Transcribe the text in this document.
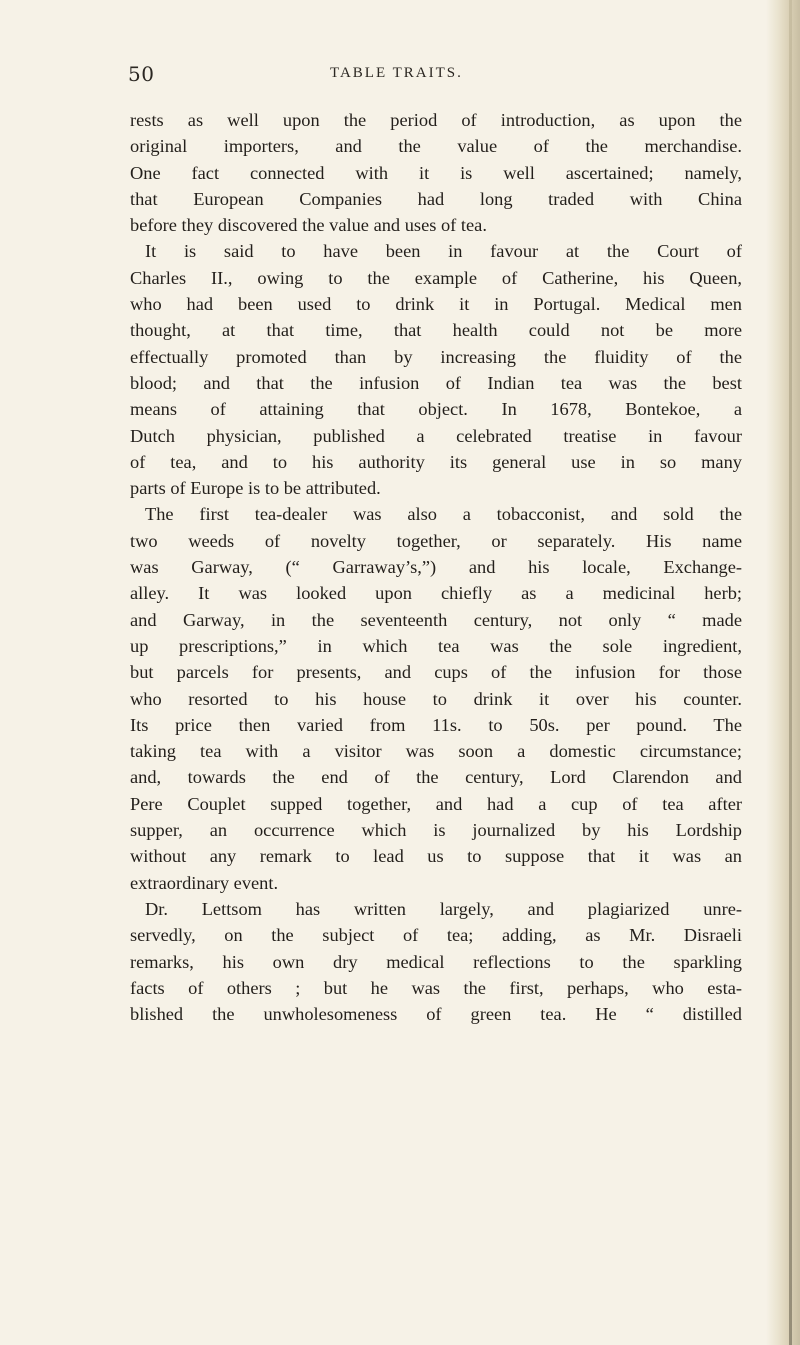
50	TABLE TRAITS.
rests as well upon the period of introduction, as upon the
original importers, and the value of the merchandise.
One fact connected with it is well ascertained; namely,
that European Companies had long traded with China
before they discovered the value and uses of tea.
It is said to have been in favour at the Court of
Charles II., owing to the example of Catherine, his Queen,
who had been used to drink it in Portugal. Medical men
thought, at that time, that health could not be more
effectually promoted than by increasing the fluidity of the
blood; and that the infusion of Indian tea was the best
means of attaining that object. In 1678, Bontekoe, a
Dutch physician, published a celebrated treatise in favour
of tea, and to his authority its general use in so many
parts of Europe is to be attributed.
The first tea-dealer was also a tobacconist, and sold the
two weeds of novelty together, or separately. His name
was Garway, (“ Garraway’s,”) and his locale, Exchange-
alley. It was looked upon chiefly as a medicinal herb;
and Garway, in the seventeenth century, not only “ made
up prescriptions,” in which tea was the sole ingredient,
but parcels for presents, and cups of the infusion for those
who resorted to his house to drink it over his counter.
Its price then varied from 11s. to 50s. per pound. The
taking tea with a visitor was soon a domestic circumstance;
and, towards the end of the century, Lord Clarendon and
Pere Couplet supped together, and had a cup of tea after
supper, an occurrence which is journalized by his Lordship
without any remark to lead us to suppose that it was an
extraordinary event.
Dr. Lettsom has written largely, and plagiarized unre-
servedly, on the subject of tea; adding, as Mr. Disraeli
remarks, his own dry medical reflections to the sparkling
facts of others ; but he was the first, perhaps, who esta-
blished the unwholesomeness of green tea. He “ distilled
